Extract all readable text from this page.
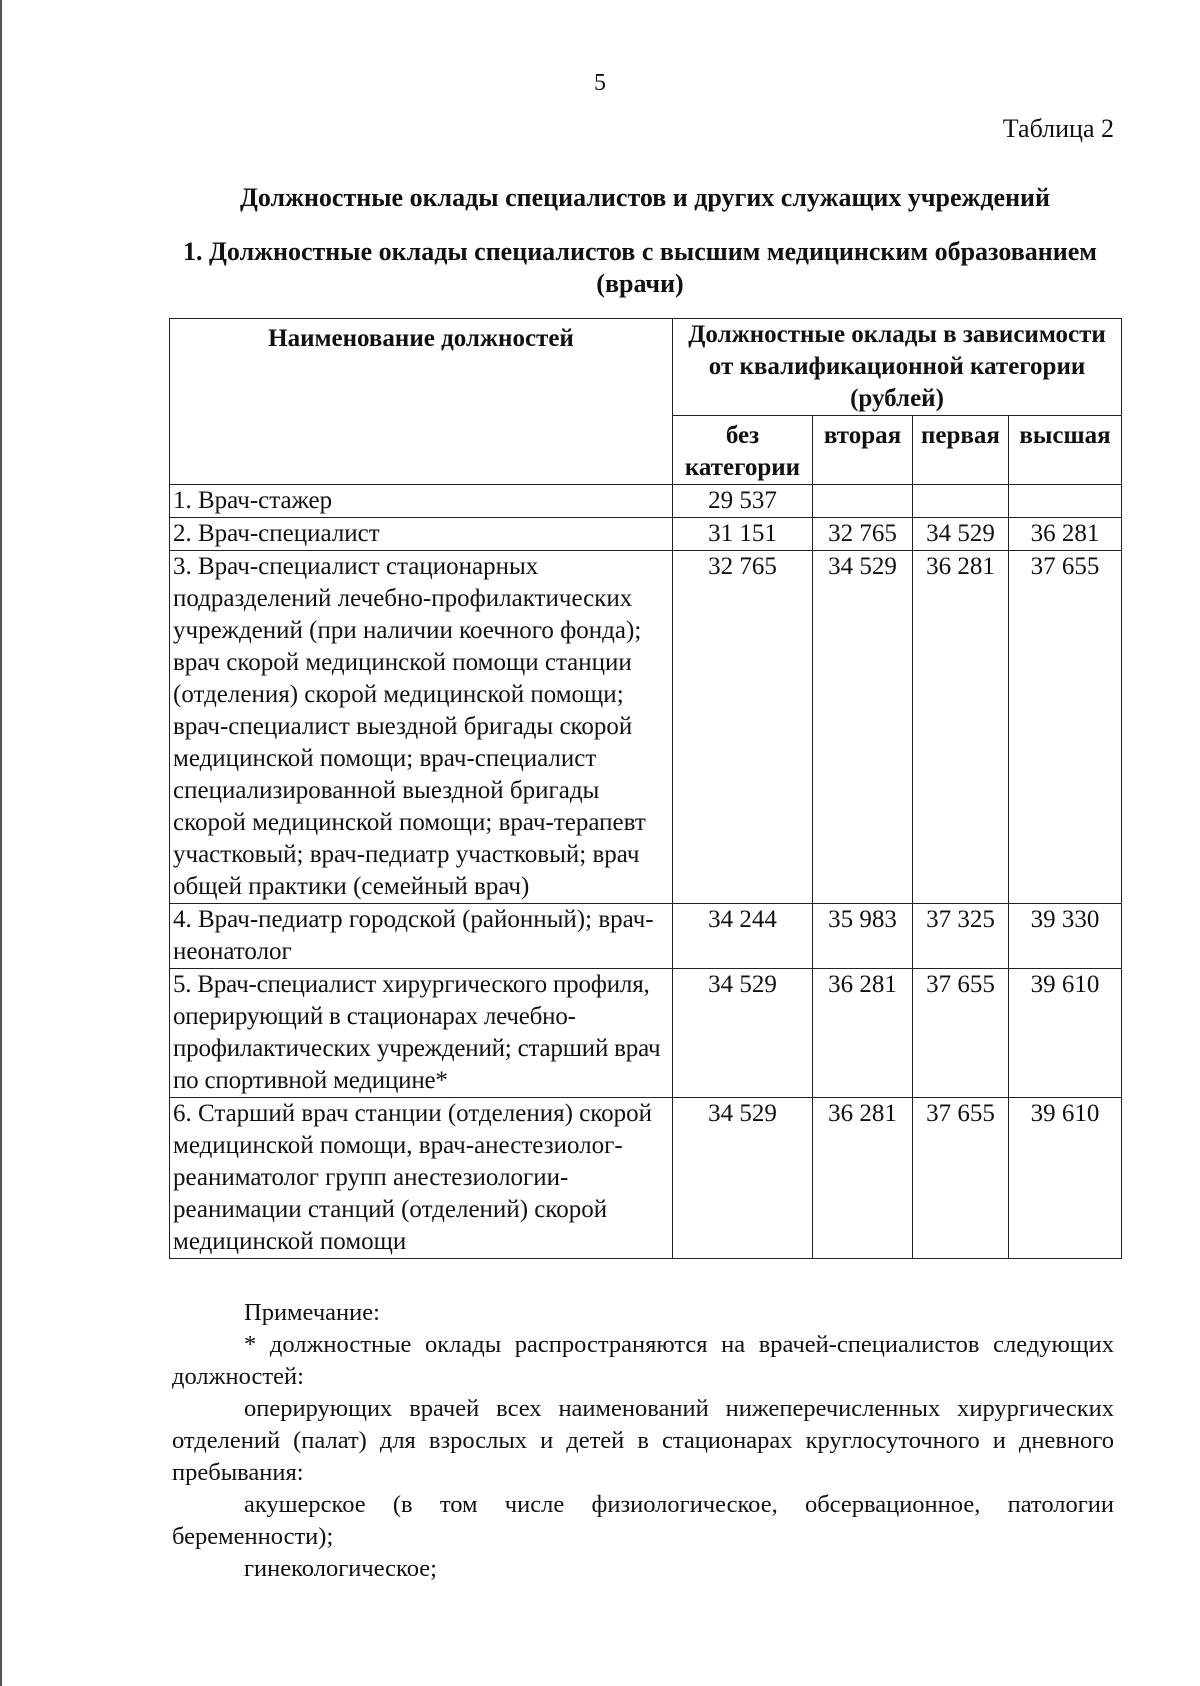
5
Таблица 2
Должностные оклады специалистов и других служащих учреждений
1. Должностные оклады специалистов с высшим медицинским образованием (врачи)
Наименование должностей	Должностные оклады в зависимости от квалификационной категории (рублей)			
	без категории	вторая	первая	высшая
1. Врач-стажер	29 537			
2. Врач-специалист	31 151	32 765	34 529	36 281
3. Врач-специалист стационарных подразделений лечебно-профилактических учреждений (при наличии коечного фонда); врач скорой медицинской помощи станции (отделения) скорой медицинской помощи; врач-специалист выездной бригады скорой медицинской помощи; врач-специалист специализированной выездной бригады скорой медицинской помощи; врач-терапевт участковый; врач-педиатр участковый; врач общей практики (семейный врач)	32 765	34 529	36 281	37 655
4. Врач-педиатр городской (районный); врач-неонатолог	34 244	35 983	37 325	39 330
5. Врач-специалист хирургического профиля, оперирующий в стационарах лечебно-профилактических учреждений; старший врач по спортивной медицине*	34 529	36 281	37 655	39 610
6. Старший врач станции (отделения) скорой медицинской помощи, врач-анестезиолог-реаниматолог групп анестезиологии-реанимации станций (отделений) скорой медицинской помощи	34 529	36 281	37 655	39 610

Примечание:

* должностные оклады распространяются на врачей-специалистов следующих должностей:

оперирующих врачей всех наименований нижеперечисленных хирургических отделений (палат) для взрослых и детей в стационарах круглосуточного и дневного пребывания:

акушерское (в том числе физиологическое, обсервационное, патологии беременности);

гинекологическое;
